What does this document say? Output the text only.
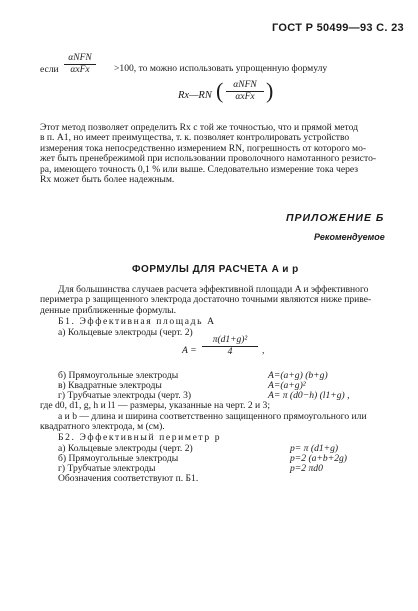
ГОСТ Р 50499—93 С. 23
если
αNFN
αxFx	>100, то можно использовать упрощенную формулу
Rx—RN (	αNFN
αxFx )
Этот метод позволяет определить Rx с той же точностью, что и прямой метод
в п. А1, но имеет преимущества, т. к. позволяет контролировать устройство
измерения тока непосредственно измерением RN, погрешность от которого мо-
жет быть пренебрежимой при использовании проволочного намотанного резисто-
ра, имеющего точность 0,1 % или выше. Следовательно измерение тока через
Rx может быть более надежным.
ПРИЛОЖЕНИЕ Б
Рекомендуемое
ФОРМУЛЫ ДЛЯ РАСЧЕТА A и p
Для большинства случаев расчета эффективной площади A и эффективного
периметра p защищенного электрода достаточно точными являются ниже приве-
денные приближенные формулы.
Б1. Эффективная площадь A
а) Кольцевые электроды (черт. 2)
$A = \frac{\text{π(d1+g)²}}{4}$ ,
б) Прямоугольные электроды	A=(a+g) (b+g)
в) Квадратные электроды	A=(a+g)²
г) Трубчатые электроды (черт. 3)	A= π (d0−h) (l1+g) ,
где d0, d1, g, h и l1 — размеры, указанные на черт. 2 и 3;
a и b — длина и ширина соответственно защищенного прямоугольного или
квадратного электрода, м (см).
Б2. Эффективный периметр p
а) Кольцевые электроды (черт. 2)	p= π (d1+g)
б) Прямоугольные электроды	p=2 (a+b+2g)
г) Трубчатые электроды	p=2 πd0
Обозначения соответствуют п. Б1.
